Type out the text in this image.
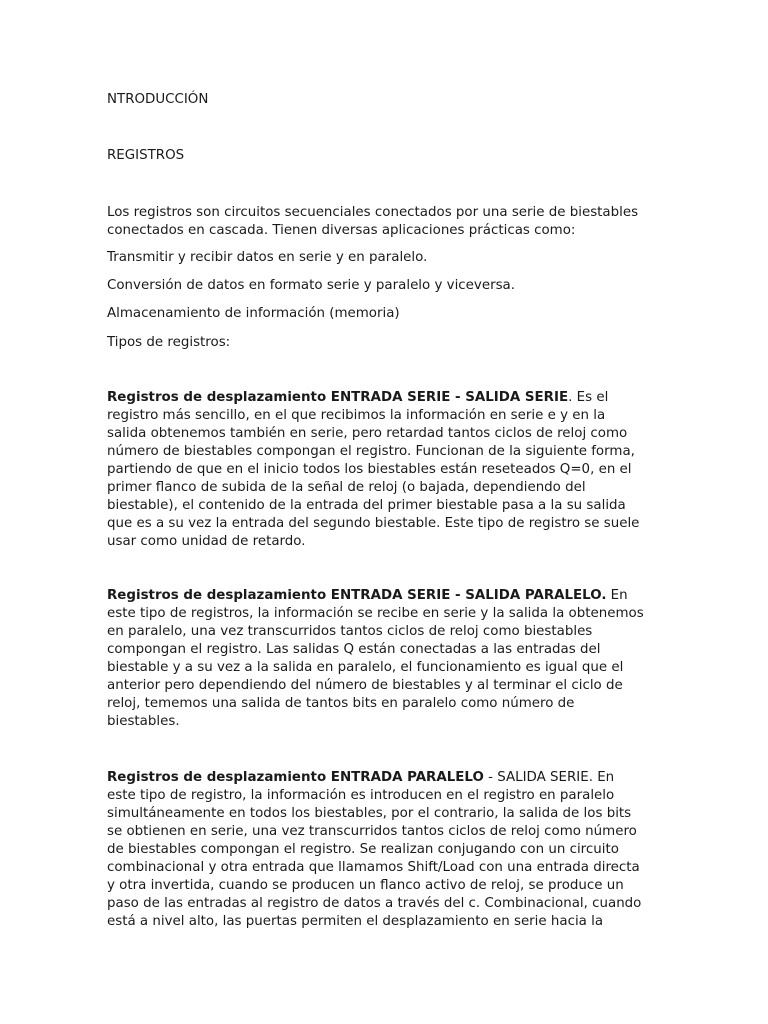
NTRODUCCIÓN

REGISTROS

Los registros son circuitos secuenciales conectados por una serie de biestables
conectados en cascada. Tienen diversas aplicaciones prácticas como:

Transmitir y recibir datos en serie y en paralelo.

Conversión de datos en formato serie y paralelo y viceversa.

Almacenamiento de información (memoria)

Tipos de registros:

Registros de desplazamiento ENTRADA SERIE - SALIDA SERIE. Es el
registro más sencillo, en el que recibimos la información en serie e y en la
salida obtenemos también en serie, pero retardad tantos ciclos de reloj como
número de biestables compongan el registro. Funcionan de la siguiente forma,
partiendo de que en el inicio todos los biestables están reseteados Q=0, en el
primer flanco de subida de la señal de reloj (o bajada, dependiendo del
biestable), el contenido de la entrada del primer biestable pasa a la su salida
que es a su vez la entrada del segundo biestable. Este tipo de registro se suele
usar como unidad de retardo.
Registros de desplazamiento ENTRADA SERIE - SALIDA PARALELO. En
este tipo de registros, la información se recibe en serie y la salida la obtenemos
en paralelo, una vez transcurridos tantos ciclos de reloj como biestables
compongan el registro. Las salidas Q están conectadas a las entradas del
biestable y a su vez a la salida en paralelo, el funcionamiento es igual que el
anterior pero dependiendo del número de biestables y al terminar el ciclo de
reloj, tememos una salida de tantos bits en paralelo como número de
biestables.
Registros de desplazamiento ENTRADA PARALELO - SALIDA SERIE. En
este tipo de registro, la información es introducen en el registro en paralelo
simultáneamente en todos los biestables, por el contrario, la salida de los bits
se obtienen en serie, una vez transcurridos tantos ciclos de reloj como número
de biestables compongan el registro. Se realizan conjugando con un circuito
combinacional y otra entrada que llamamos Shift/Load con una entrada directa
y otra invertida, cuando se producen un flanco activo de reloj, se produce un
paso de las entradas al registro de datos a través del c. Combinacional, cuando
está a nivel alto, las puertas permiten el desplazamiento en serie hacia la
